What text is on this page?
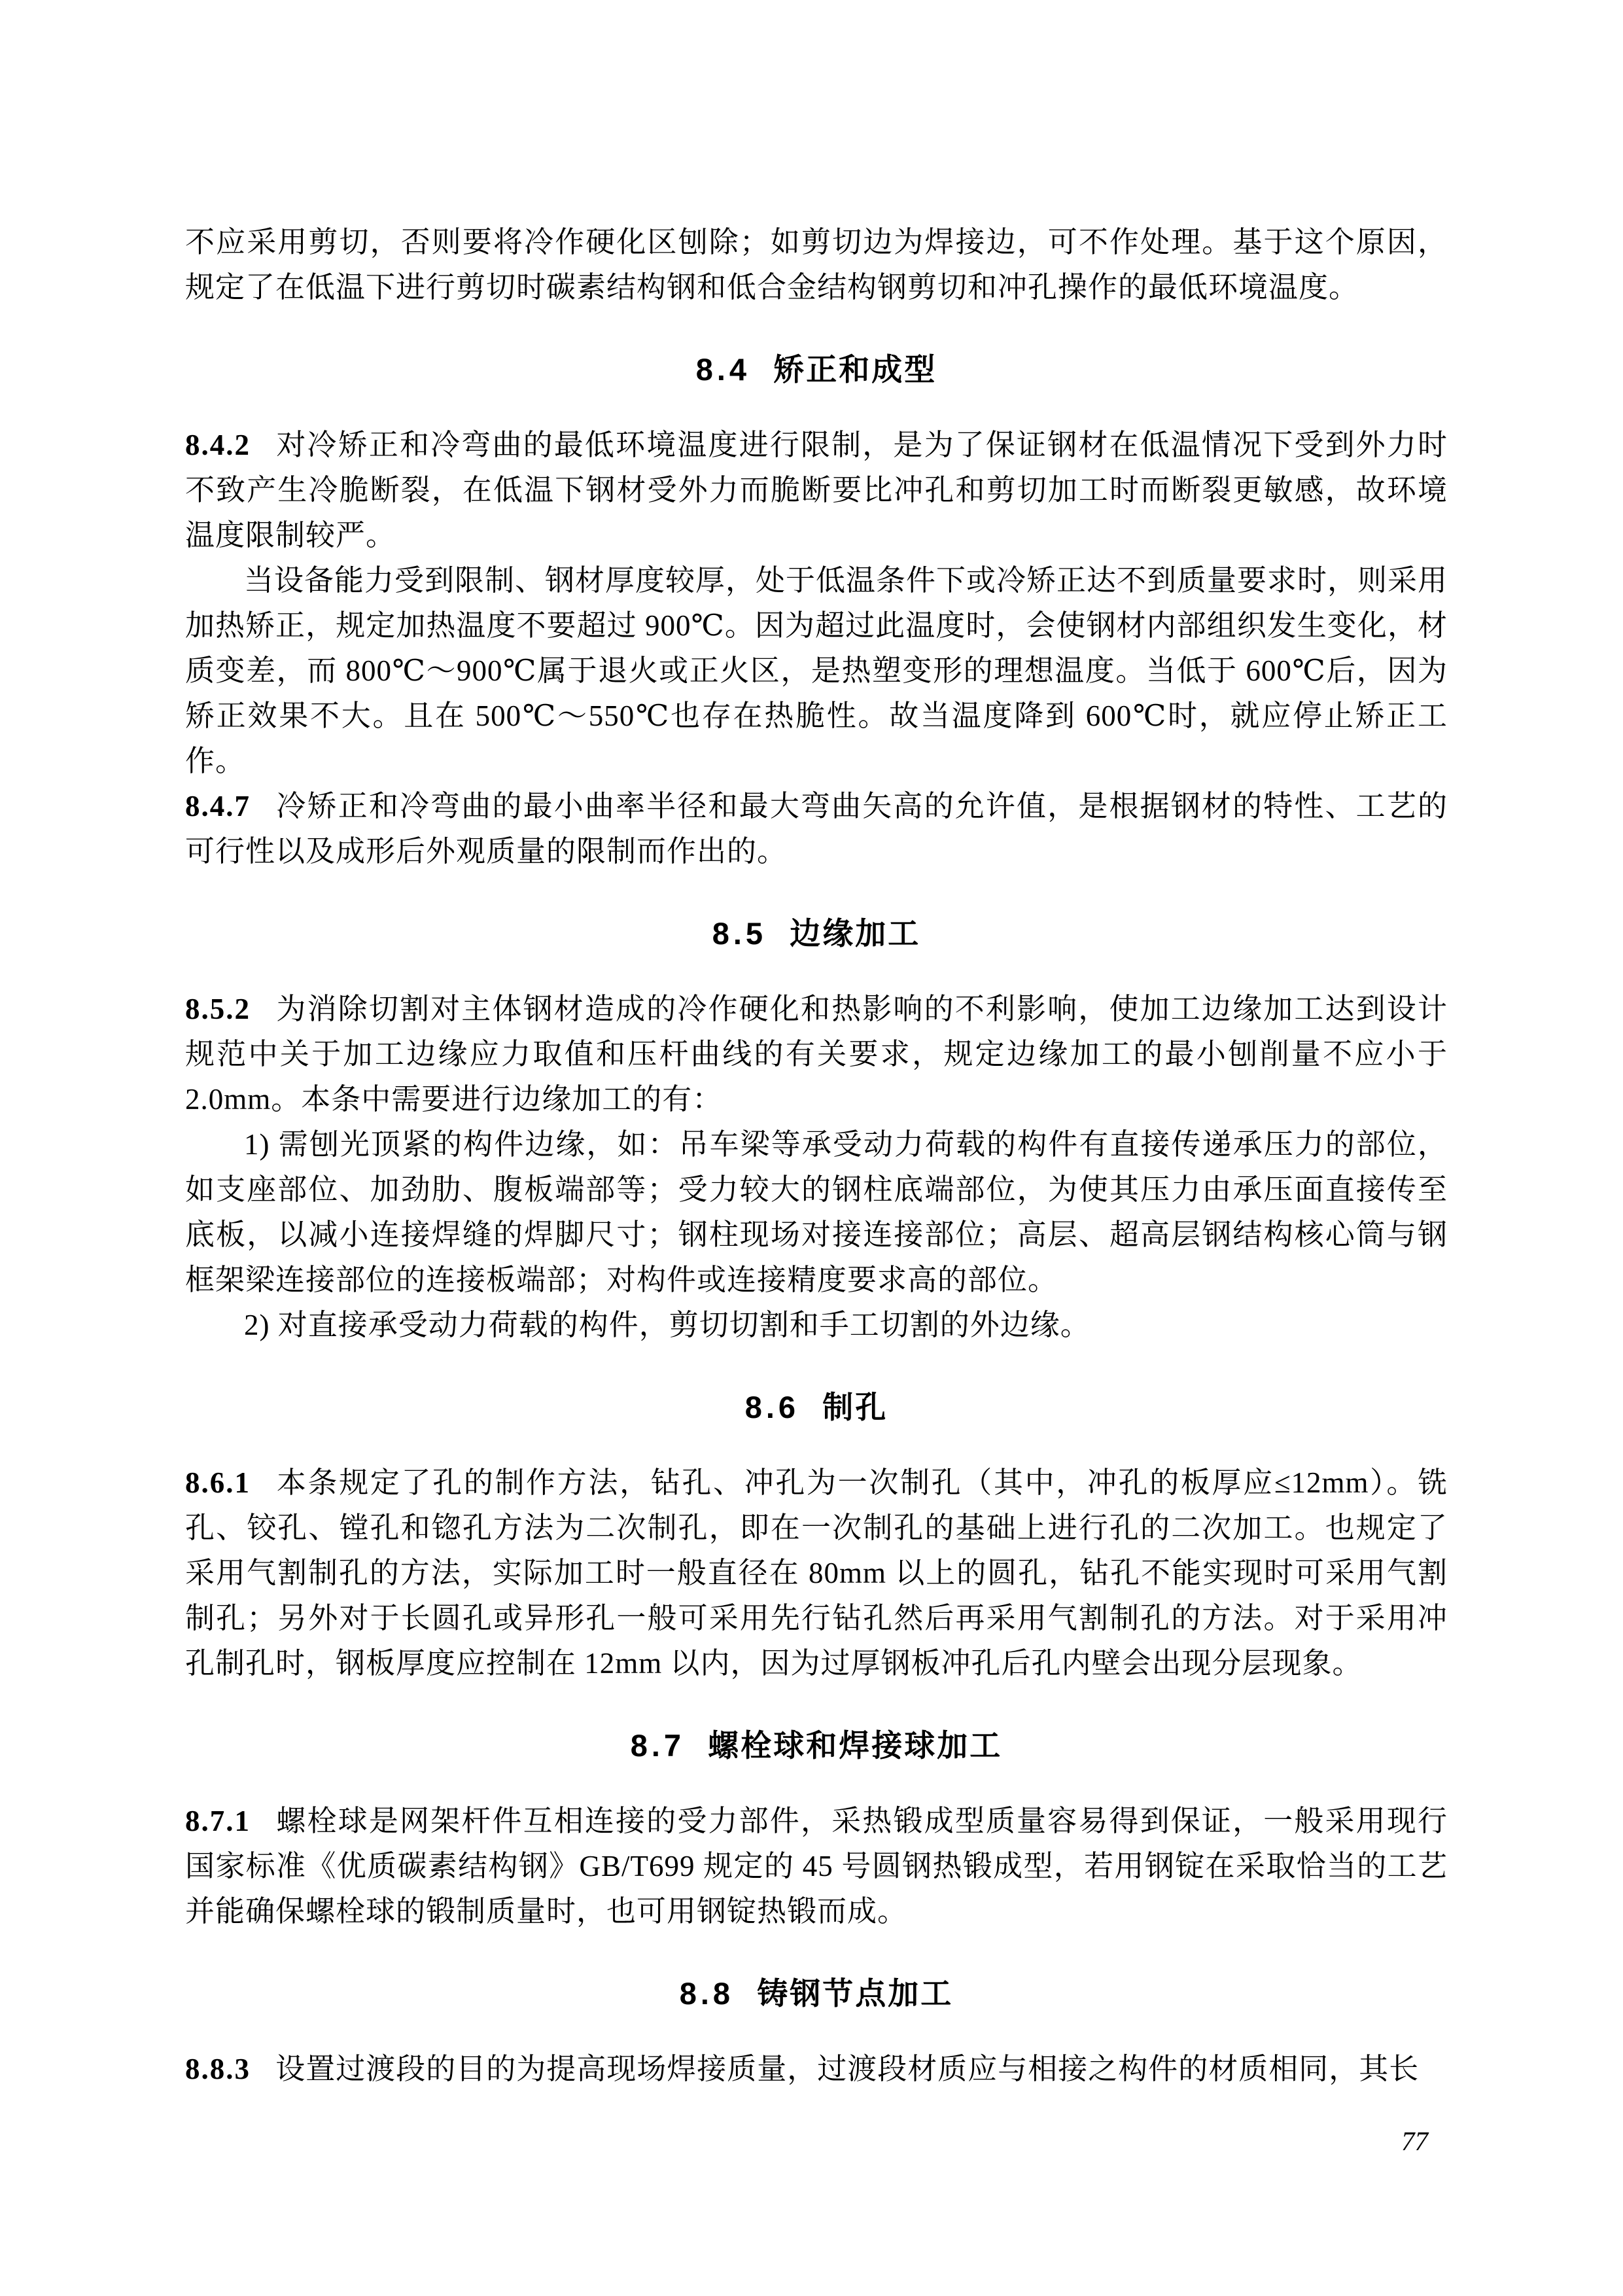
不应采用剪切，否则要将冷作硬化区刨除；如剪切边为焊接边，可不作处理。基于这个原因，规定了在低温下进行剪切时碳素结构钢和低合金结构钢剪切和冲孔操作的最低环境温度。

8.4 矫正和成型

8.4.2 对冷矫正和冷弯曲的最低环境温度进行限制，是为了保证钢材在低温情况下受到外力时不致产生冷脆断裂，在低温下钢材受外力而脆断要比冲孔和剪切加工时而断裂更敏感，故环境温度限制较严。

当设备能力受到限制、钢材厚度较厚，处于低温条件下或冷矫正达不到质量要求时，则采用加热矫正，规定加热温度不要超过 900℃。因为超过此温度时，会使钢材内部组织发生变化，材质变差，而 800℃～900℃属于退火或正火区，是热塑变形的理想温度。当低于 600℃后，因为矫正效果不大。且在 500℃～550℃也存在热脆性。故当温度降到 600℃时，就应停止矫正工作。

8.4.7 冷矫正和冷弯曲的最小曲率半径和最大弯曲矢高的允许值，是根据钢材的特性、工艺的可行性以及成形后外观质量的限制而作出的。

8.5 边缘加工

8.5.2 为消除切割对主体钢材造成的冷作硬化和热影响的不利影响，使加工边缘加工达到设计规范中关于加工边缘应力取值和压杆曲线的有关要求，规定边缘加工的最小刨削量不应小于 2.0mm。本条中需要进行边缘加工的有：

1) 需刨光顶紧的构件边缘，如：吊车梁等承受动力荷载的构件有直接传递承压力的部位，如支座部位、加劲肋、腹板端部等；受力较大的钢柱底端部位，为使其压力由承压面直接传至底板，以减小连接焊缝的焊脚尺寸；钢柱现场对接连接部位；高层、超高层钢结构核心筒与钢框架梁连接部位的连接板端部；对构件或连接精度要求高的部位。

2) 对直接承受动力荷载的构件，剪切切割和手工切割的外边缘。

8.6 制孔

8.6.1 本条规定了孔的制作方法，钻孔、冲孔为一次制孔（其中，冲孔的板厚应≤12mm）。铣孔、铰孔、镗孔和锪孔方法为二次制孔，即在一次制孔的基础上进行孔的二次加工。也规定了采用气割制孔的方法，实际加工时一般直径在 80mm 以上的圆孔，钻孔不能实现时可采用气割制孔；另外对于长圆孔或异形孔一般可采用先行钻孔然后再采用气割制孔的方法。对于采用冲孔制孔时，钢板厚度应控制在 12mm 以内，因为过厚钢板冲孔后孔内壁会出现分层现象。

8.7 螺栓球和焊接球加工

8.7.1 螺栓球是网架杆件互相连接的受力部件，采热锻成型质量容易得到保证，一般采用现行国家标准《优质碳素结构钢》GB/T699 规定的 45 号圆钢热锻成型，若用钢锭在采取恰当的工艺并能确保螺栓球的锻制质量时，也可用钢锭热锻而成。

8.8 铸钢节点加工

8.8.3 设置过渡段的目的为提高现场焊接质量，过渡段材质应与相接之构件的材质相同，其长

77
